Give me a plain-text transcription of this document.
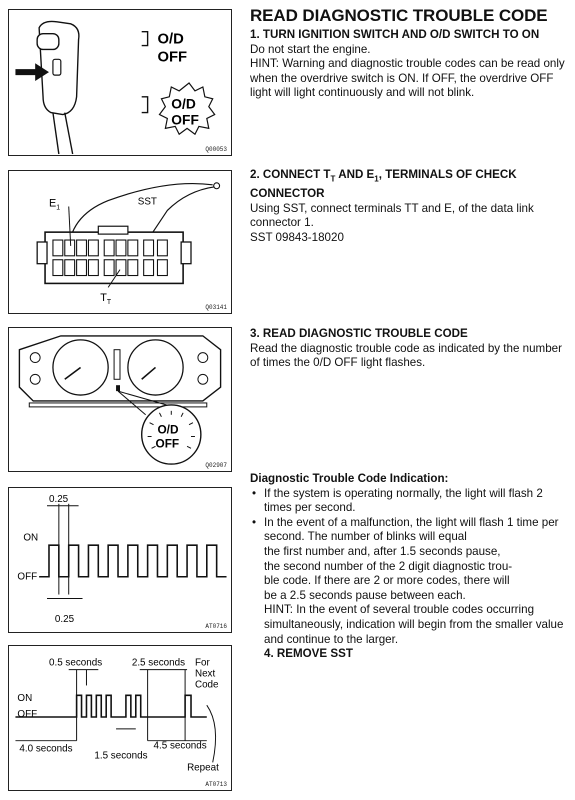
READ DIAGNOSTIC TROUBLE CODE
O/D
OFF
O/D
OFF
Q00053
$E_1$
SST
$T_T$
Q03141
O/D
OFF
Q02907
0.25
ON
OFF
0.25
AT0716
0.5 seconds	2.5 seconds For
Next
Code
ON
OFF
4.0 seconds	4.5 seconds
1.5 seconds
Repeat
AT0713
1. TURN IGNITION SWITCH AND O/D SWITCH TO ON
Do not start the engine.
HINT: Warning and diagnostic trouble codes can be read only when the overdrive switch is ON. If OFF, the overdrive OFF light will light continuously and will not blink.
2. CONNECT $T_T$ AND $E_1$, TERMINALS OF CHECK CONNECTOR
Using SST, connect terminals TT and E, of the data link connector 1.
SST 09843-18020
3. READ DIAGNOSTIC TROUBLE CODE
Read the diagnostic trouble code as indicated by the number of times the 0/D OFF light flashes.
Diagnostic Trouble Code Indication:
• If the system is operating normally, the light will flash 2 times per second.
• In the event of a malfunction, the light will flash 1 time per second. The number of blinks will equal
the first number and, after 1.5 seconds pause,
the second number of the 2 digit diagnostic trou-
ble code. If there are 2 or more codes, there will
be a 2.5 seconds pause between each.
HINT: In the event of several trouble codes occurring simultaneously, indication will begin from the smaller value and continue to the larger.
4. REMOVE SST
